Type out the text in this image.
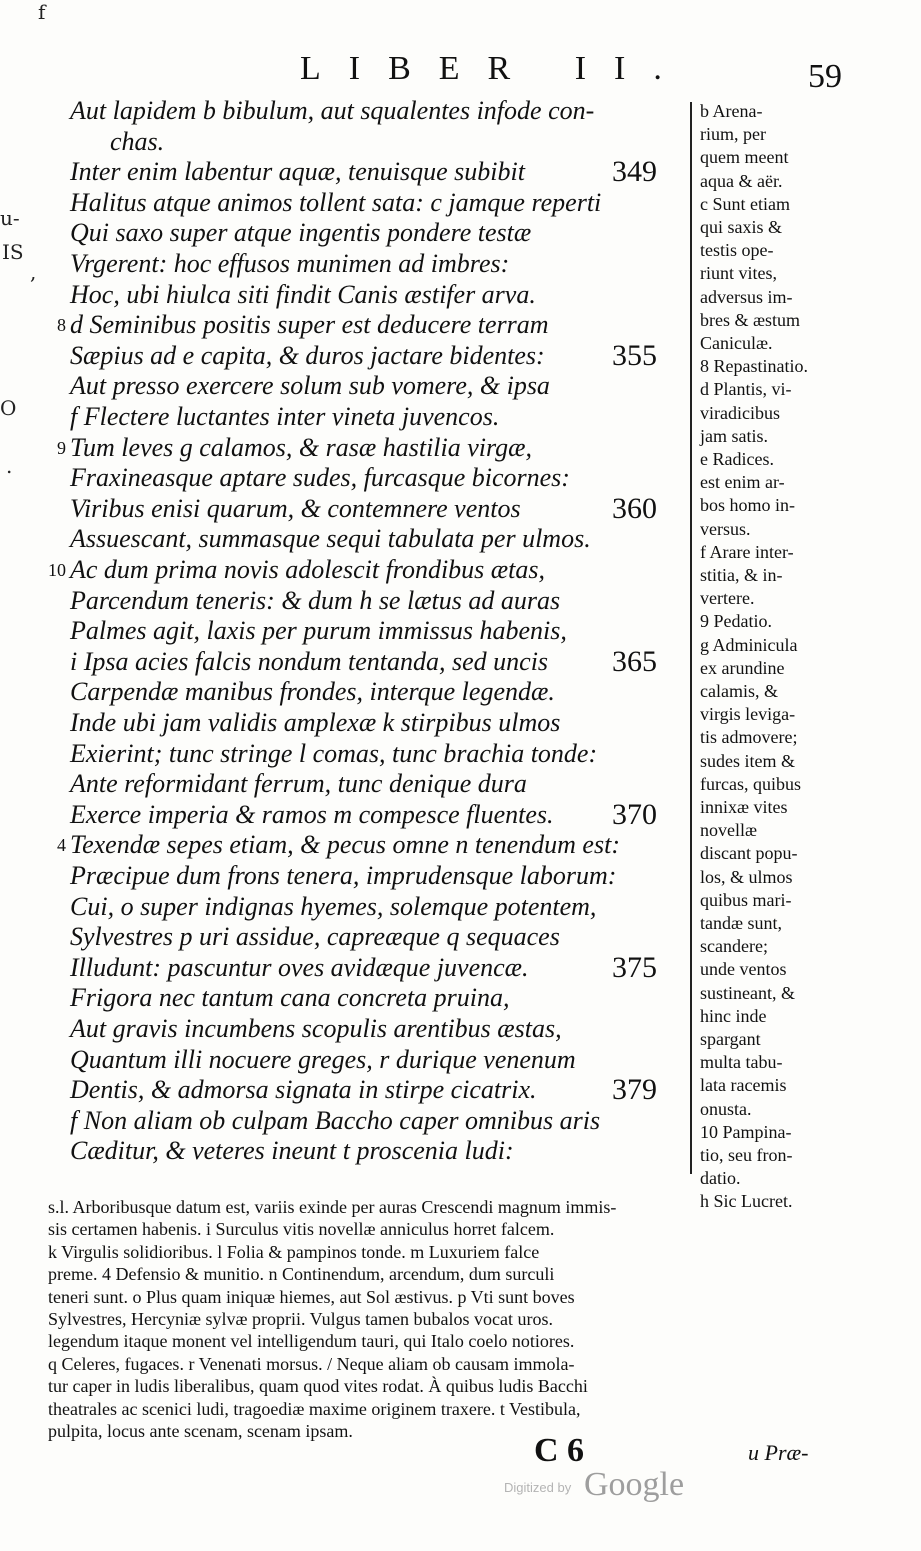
f
u-
IS
,
O
.
LIBER II.	59
Aut lapidem b bibulum, aut squalentes infode con-
chas.
Inter enim labentur aquæ, tenuisque subibit	349
Halitus atque animos tollent sata: c jamque reperti
Qui saxo super atque ingentis pondere testæ
Vrgerent: hoc effusos munimen ad imbres:
Hoc, ubi hiulca siti findit Canis æstifer arva.
8 d Seminibus positis super est deducere terram
Sæpius ad e capita, & duros jactare bidentes: 355
Aut presso exercere solum sub vomere, & ipsa
f Flectere luctantes inter vineta juvencos.
9 Tum leves g calamos, & rasæ hastilia virgæ,
Fraxineasque aptare sudes, furcasque bicornes:
Viribus enisi quarum, & contemnere ventos	360
Assuescant, summasque sequi tabulata per ulmos.
10 Ac dum prima novis adolescit frondibus ætas,
Parcendum teneris: & dum h se lætus ad auras
Palmes agit, laxis per purum immissus habenis,
i Ipsa acies falcis nondum tentanda, sed uncis 365
Carpendæ manibus frondes, interque legendæ.
Inde ubi jam validis amplexæ k stirpibus ulmos
Exierint; tunc stringe l comas, tunc brachia tonde:
Ante reformidant ferrum, tunc denique dura
Exerce imperia & ramos m compesce fluentes. 370
4 Texendæ sepes etiam, & pecus omne n tenendum est:
Præcipue dum frons tenera, imprudensque laborum:
Cui, o super indignas hyemes, solemque potentem,
Sylvestres p uri assidue, capreæque q sequaces
Illudunt: pascuntur oves avidæque juvencæ.	375
Frigora nec tantum cana concreta pruina,
Aut gravis incumbens scopulis arentibus æstas,
Quantum illi nocuere greges, r durique venenum
Dentis, & admorsa signata in stirpe cicatrix.	379
f Non aliam ob culpam Baccho caper omnibus aris
Cæditur, & veteres ineunt t proscenia ludi:
b Arena-
rium, per
quem meent
aqua & aër.
c Sunt etiam
qui saxis &
testis ope-
riunt vites,
adversus im-
bres & æstum
Caniculæ.
8 Repastinatio.
d Plantis, vi-
viradicibus
jam satis.
e Radices.
est enim ar-
bos homo in-
versus.
f Arare inter-
stitia, & in-
vertere.
9 Pedatio.
g Adminicula
ex arundine
calamis, &
virgis leviga-
tis admovere;
sudes item &
furcas, quibus
innixæ vites
novellæ
discant popu-
los, & ulmos
quibus mari-
tandæ sunt,
scandere;
unde ventos
sustineant, &
hinc inde
spargant
multa tabu-
lata racemis
onusta.
10 Pampina-
tio, seu fron-
datio.
h Sic Lucret.
s.l. Arboribusque datum est, variis exinde per auras Crescendi magnum immis-
sis certamen habenis. i Surculus vitis novellæ anniculus horret falcem.
k Virgulis solidioribus. l Folia & pampinos tonde. m Luxuriem falce
preme. 4 Defensio & munitio. n Continendum, arcendum, dum surculi
teneri sunt. o Plus quam iniquæ hiemes, aut Sol æstivus. p Vti sunt boves
Sylvestres, Hercyniæ sylvæ proprii. Vulgus tamen bubalos vocat uros.
legendum itaque monent vel intelligendum tauri, qui Italo coelo notiores.
q Celeres, fugaces. r Venenati morsus. / Neque aliam ob causam immola-
tur caper in ludis liberalibus, quam quod vites rodat. À quibus ludis Bacchi
theatrales ac scenici ludi, tragoediæ maxime originem traxere. t Vestibula,
pulpita, locus ante scenam, scenam ipsam.
C 6	u Præ-
Digitized by Google
